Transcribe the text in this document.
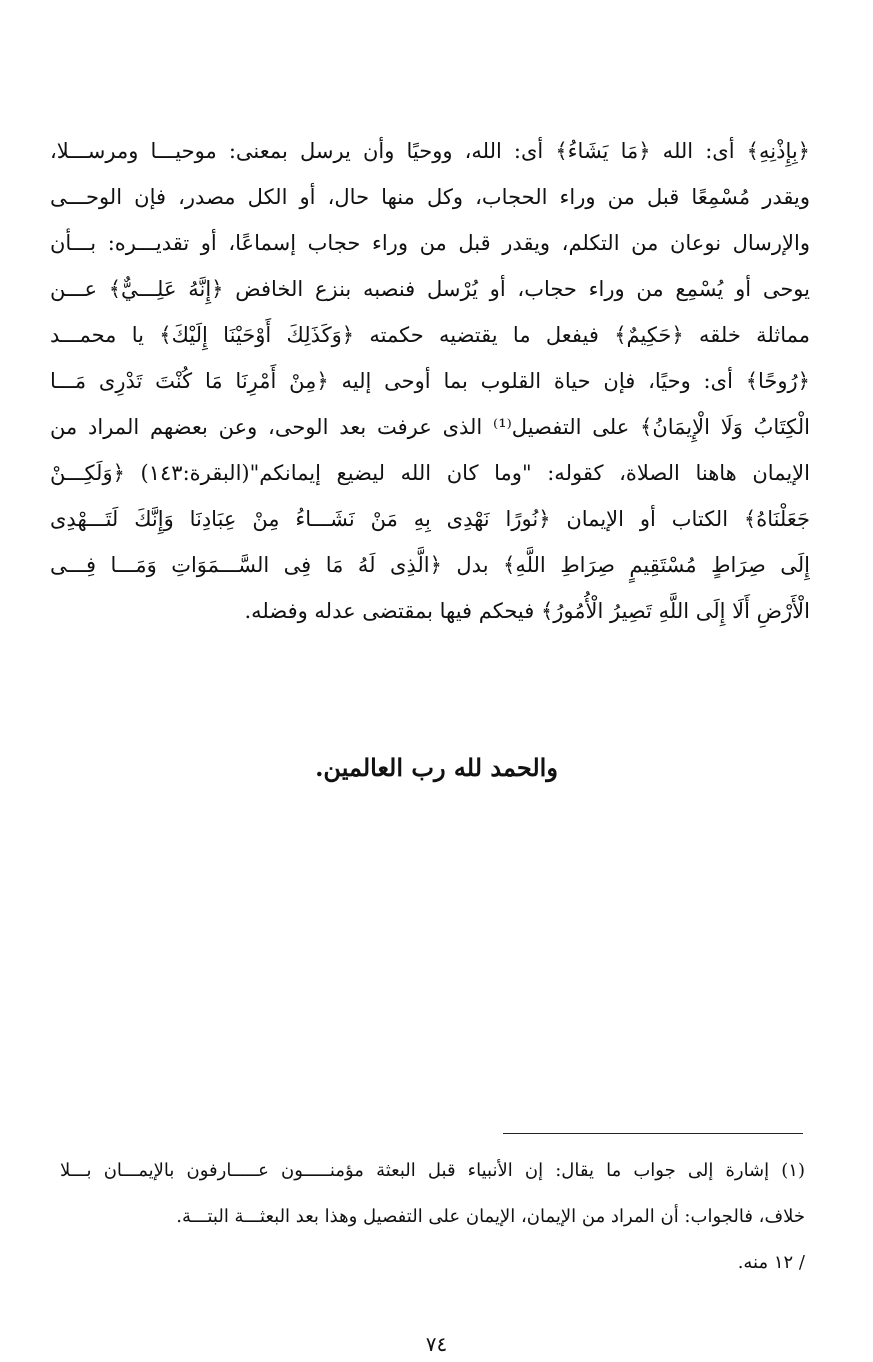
﴿بِإِذْنِهِ﴾ أى: الله ﴿مَا يَشَاءُ﴾ أى: الله، ووحيًا وأن يرسل بمعنى: موحيـــا ومرســـلا،
ويقدر مُسْمِعًا قبل من وراء الحجاب، وكل منها حال، أو الكل مصدر، فإن الوحـــى
والإرسال نوعان من التكلم، ويقدر قبل من وراء حجاب إسماعًا، أو تقديـــره: بـــأن
يوحى أو يُسْمِع من وراء حجاب، أو يُرْسل فنصبه بنزع الخافض ﴿إِنَّهُ عَلِـــيٌّ﴾ عـــن
مماثلة خلقه ﴿حَكِيمٌ﴾ فيفعل ما يقتضيه حكمته ﴿وَكَذَلِكَ أَوْحَيْنَا إِلَيْكَ﴾ يا محمـــد
﴿رُوحًا﴾ أى: وحيًا، فإن حياة القلوب بما أوحى إليه ﴿مِنْ أَمْرِنَا مَا كُنْتَ تَدْرِى مَـــا
الْكِتَابُ وَلَا الْإِيمَانُ﴾ على التفصيل⁽¹⁾ الذى عرفت بعد الوحى، وعن بعضهم المراد من
الإيمان هاهنا الصلاة، كقوله: "وما كان الله ليضيع إيمانكم"(البقرة:١٤٣) ﴿وَلَكِـــنْ
جَعَلْنَاهُ﴾ الكتاب أو الإيمان ﴿نُورًا نَهْدِى بِهِ مَنْ نَشَـــاءُ مِنْ عِبَادِنَا وَإِنَّكَ لَتَـــهْدِى
إِلَى صِرَاطٍ مُسْتَقِيمٍ صِرَاطِ اللَّهِ﴾ بدل ﴿الَّذِى لَهُ مَا فِى السَّـــمَوَاتِ وَمَـــا فِـــى
الْأَرْضِ أَلَا إِلَى اللَّهِ تَصِيرُ الْأُمُورُ﴾ فيحكم فيها بمقتضى عدله وفضله.
والحمد لله رب العالمين.
(١) إشارة إلى جواب ما يقال: إن الأنبياء قبل البعثة مؤمنـــــون عـــــارفون بالإيمـــان بـــلا
خلاف، فالجواب: أن المراد من الإيمان، الإيمان على التفصيل وهذا بعد البعثـــة البتـــة.
/ ١٢ منه.
٧٤
